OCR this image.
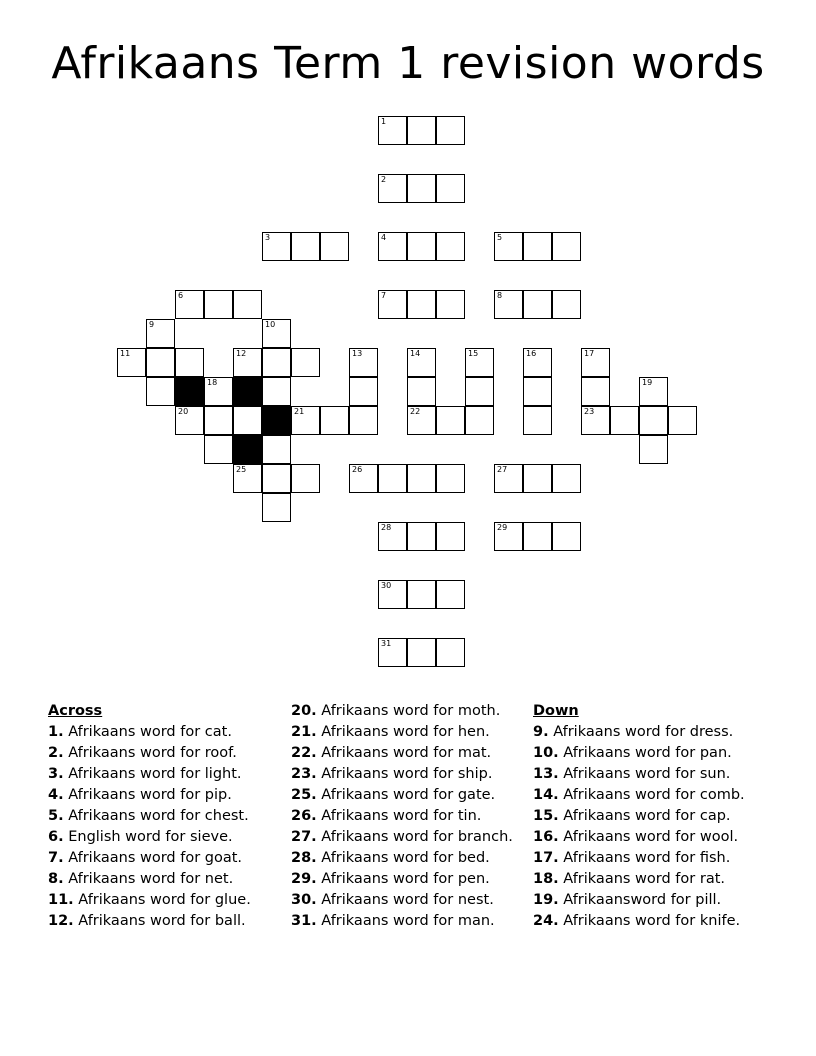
Afrikaans Term 1 revision words
1
2
3	4	5
6	7	8
9	10
11	12	13	14	15	16	17
18	19
20	21	22	23
25	26	27
28	29
30
31
Across
1. Afrikaans word for cat.
2. Afrikaans word for roof.
3. Afrikaans word for light.
4. Afrikaans word for pip.
5. Afrikaans word for chest.
6. English word for sieve.
7. Afrikaans word for goat.
8. Afrikaans word for net.
11. Afrikaans word for glue.
12. Afrikaans word for ball.
20. Afrikaans word for moth.
21. Afrikaans word for hen.
22. Afrikaans word for mat.
23. Afrikaans word for ship.
25. Afrikaans word for gate.
26. Afrikaans word for tin.
27. Afrikaans word for branch.
28. Afrikaans word for bed.
29. Afrikaans word for pen.
30. Afrikaans word for nest.
31. Afrikaans word for man.
Down
9. Afrikaans word for dress.
10. Afrikaans word for pan.
13. Afrikaans word for sun.
14. Afrikaans word for comb.
15. Afrikaans word for cap.
16. Afrikaans word for wool.
17. Afrikaans word for fish.
18. Afrikaans word for rat.
19. Afrikaansword for pill.
24. Afrikaans word for knife.
